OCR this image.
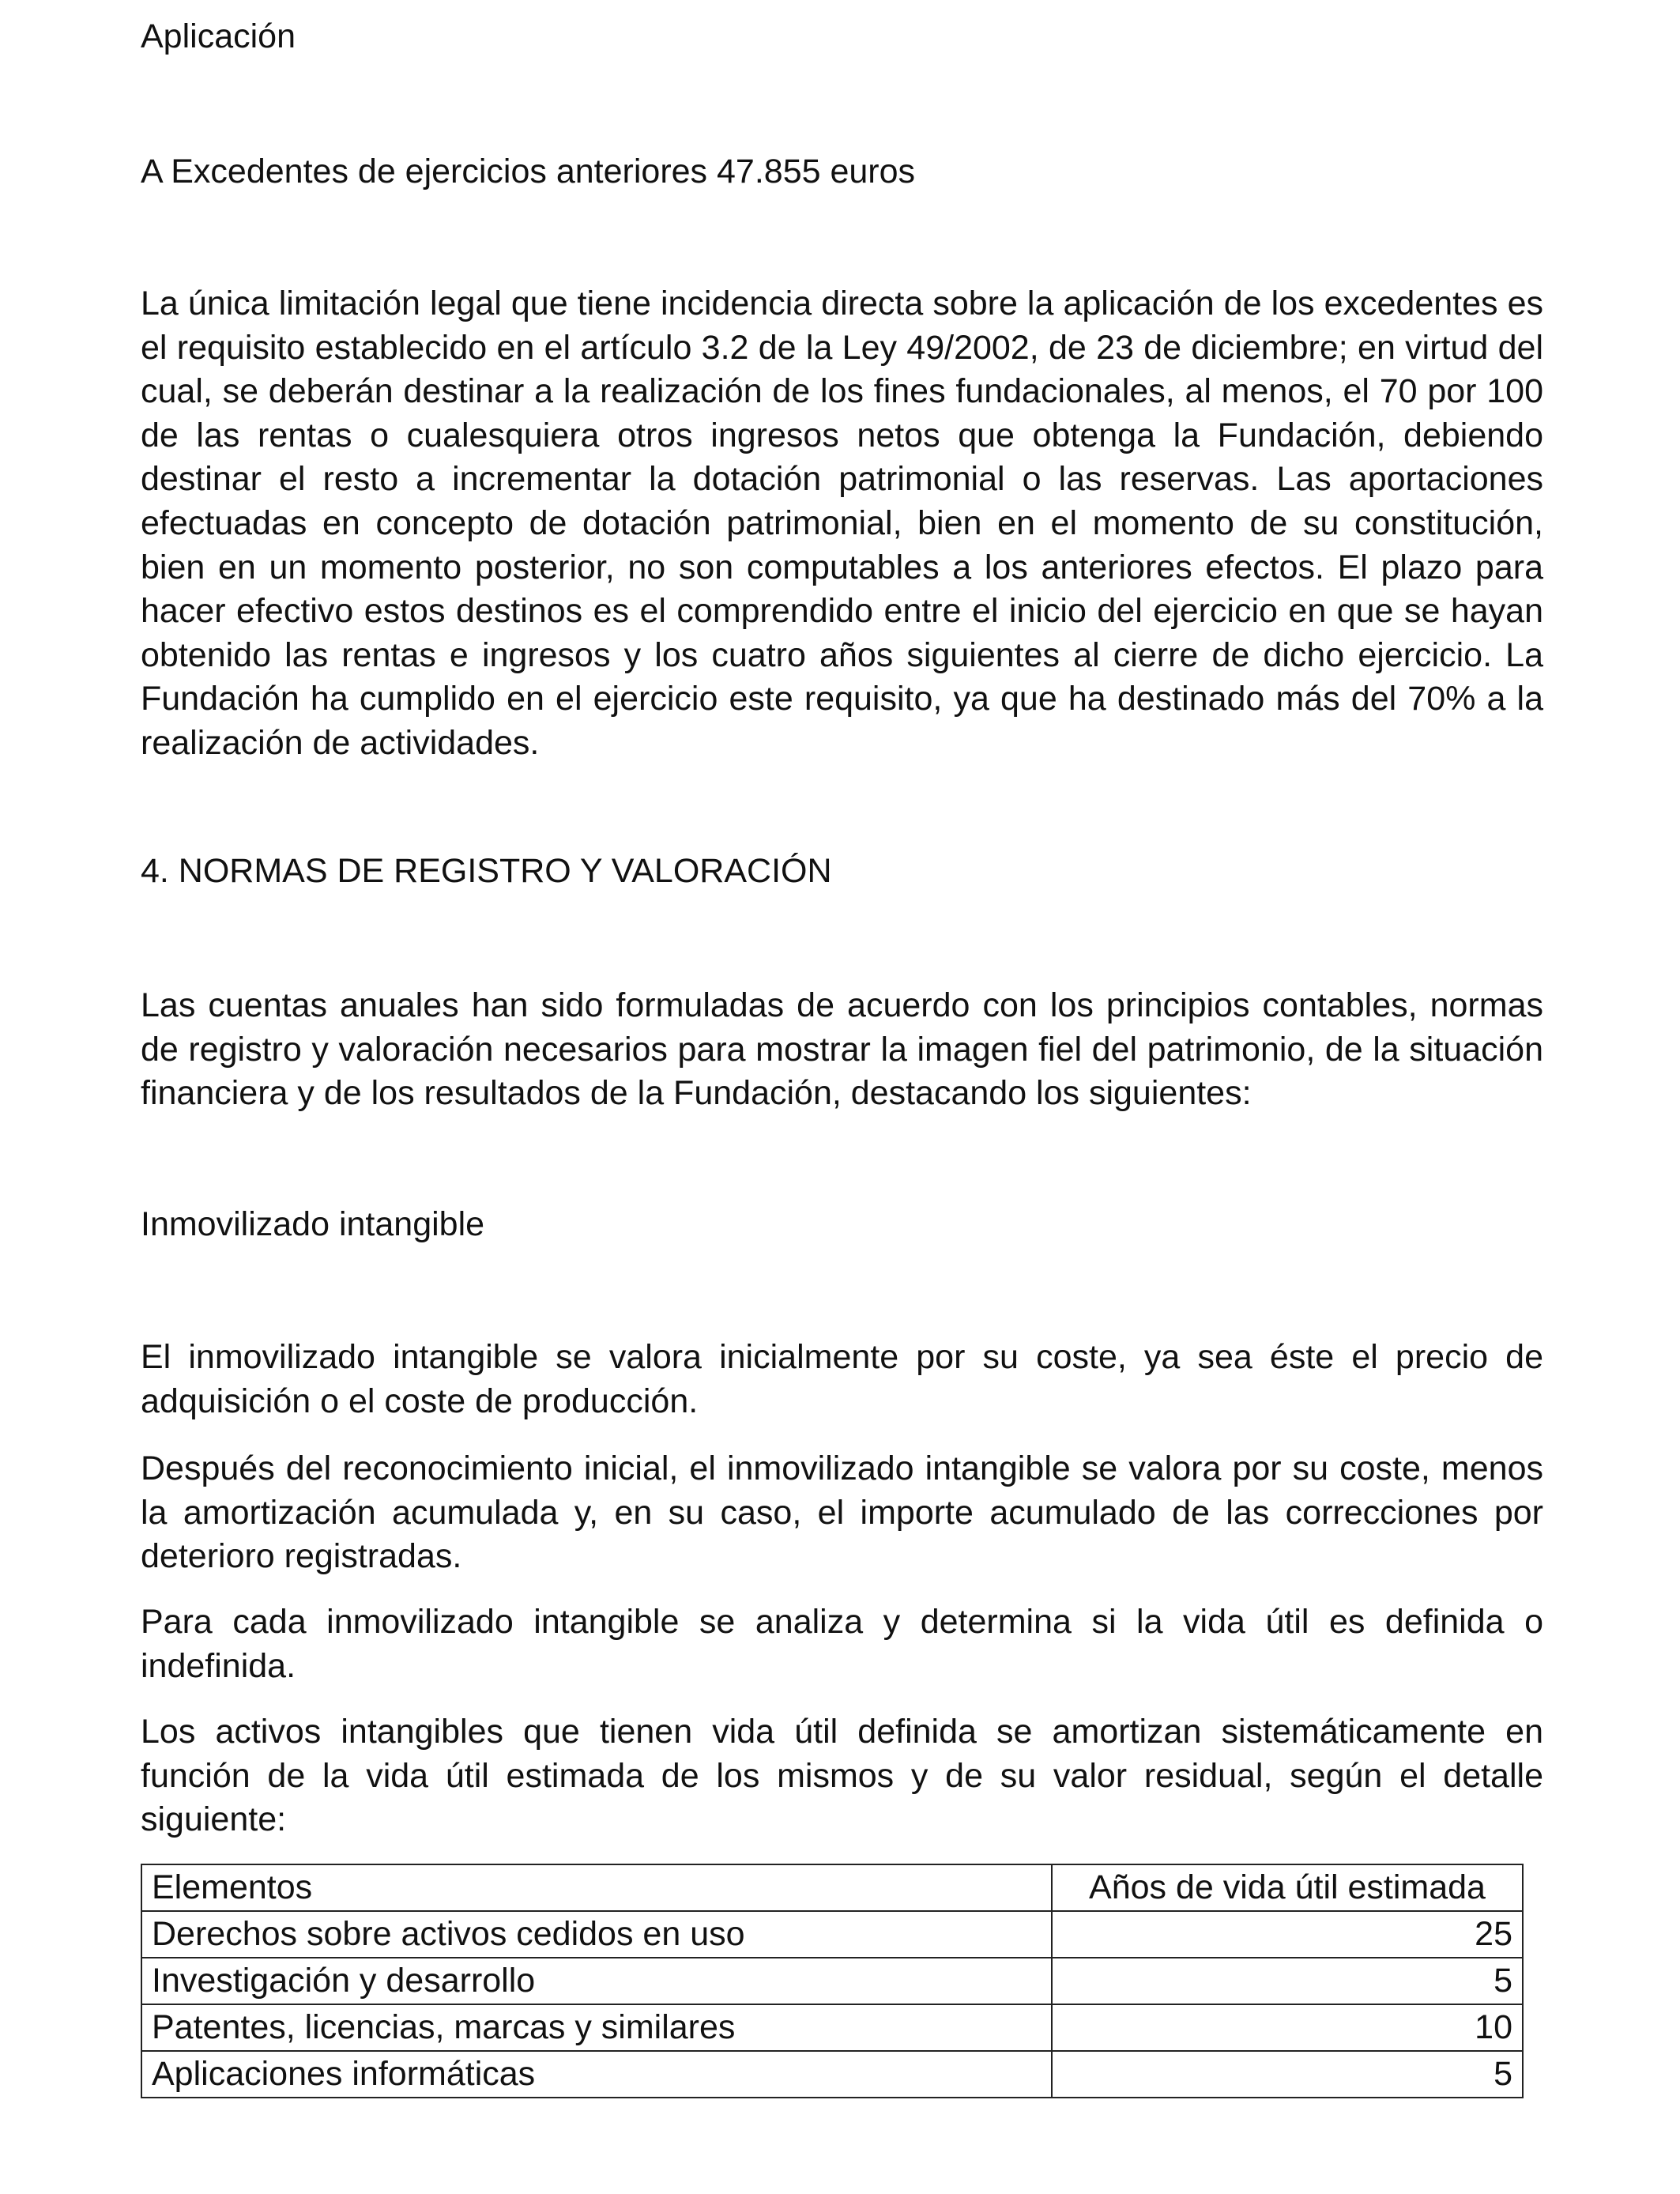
Aplicación
A Excedentes de ejercicios anteriores 47.855 euros
La única limitación legal que tiene incidencia directa sobre la aplicación de los excedentes es el requisito establecido en el artículo 3.2 de la Ley 49/2002, de 23 de diciembre; en virtud del cual, se deberán destinar a la realización de los fines fundacionales, al menos, el 70 por 100 de las rentas o cualesquiera otros ingresos netos que obtenga la Fundación, debiendo destinar el resto a incrementar la dotación patrimonial o las reservas. Las aportaciones efectuadas en concepto de dotación patrimonial, bien en el momento de su constitución, bien en un momento posterior, no son computables a los anteriores efectos. El plazo para hacer efectivo estos destinos es el comprendido entre el inicio del ejercicio en que se hayan obtenido las rentas e ingresos y los cuatro años siguientes al cierre de dicho ejercicio. La Fundación ha cumplido en el ejercicio este requisito, ya que ha destinado más del 70% a la realización de actividades.
4. NORMAS DE REGISTRO Y VALORACIÓN
Las cuentas anuales han sido formuladas de acuerdo con los principios contables, normas de registro y valoración necesarios para mostrar la imagen fiel del patrimonio, de la situación financiera y de los resultados de la Fundación, destacando los siguientes:
Inmovilizado intangible
El inmovilizado intangible se valora inicialmente por su coste, ya sea éste el precio de adquisición o el coste de producción.
Después del reconocimiento inicial, el inmovilizado intangible se valora por su coste, menos la amortización acumulada y, en su caso, el importe acumulado de las correcciones por deterioro registradas.
Para cada inmovilizado intangible se analiza y determina si la vida útil es definida o indefinida.
Los activos intangibles que tienen vida útil definida se amortizan sistemáticamente en función de la vida útil estimada de los mismos y de su valor residual, según el detalle siguiente:
Elementos	Años de vida útil estimada
Derechos sobre activos cedidos en uso	25
Investigación y desarrollo	5
Patentes, licencias, marcas y similares	10
Aplicaciones informáticas	5
